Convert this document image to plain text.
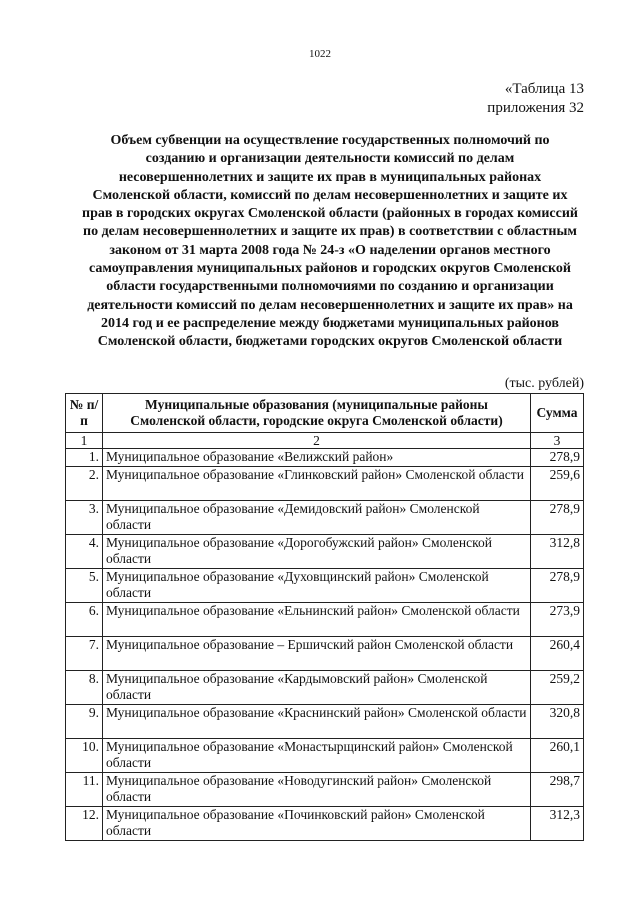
1022
«Таблица 13
приложения 32
Объем субвенции на осуществление государственных полномочий по созданию и организации деятельности комиссий по делам несовершеннолетних и защите их прав в муниципальных районах Смоленской области, комиссий по делам несовершеннолетних и защите их прав в городских округах Смоленской области (районных в городах комиссий по делам несовершеннолетних и защите их прав) в соответствии с областным законом от 31 марта 2008 года № 24-з «О наделении органов местного самоуправления муниципальных районов и городских округов Смоленской области государственными полномочиями по созданию и организации деятельности комиссий по делам несовершеннолетних и защите их прав» на 2014 год и ее распределение между бюджетами муниципальных районов Смоленской области, бюджетами городских округов Смоленской области
(тыс. рублей)
№ п/п	Муниципальные образования (муниципальные районы Смоленской области, городские округа Смоленской области)	Сумма
1	2	3
1.	Муниципальное образование «Велижский район»	278,9
2.	Муниципальное образование «Глинковский район» Смоленской области	259,6
3.	Муниципальное образование «Демидовский район» Смоленской области	278,9
4.	Муниципальное образование «Дорогобужский район» Смоленской области	312,8
5.	Муниципальное образование «Духовщинский район» Смоленской области	278,9
6.	Муниципальное образование «Ельнинский район» Смоленской области	273,9
7.	Муниципальное образование – Ершичский район Смоленской области	260,4
8.	Муниципальное образование «Кардымовский район» Смоленской области	259,2
9.	Муниципальное образование «Краснинский район» Смоленской области	320,8
10.	Муниципальное образование «Монастырщинский район» Смоленской области	260,1
11.	Муниципальное образование «Новодугинский район» Смоленской области	298,7
12.	Муниципальное образование «Починковский район» Смоленской области	312,3
